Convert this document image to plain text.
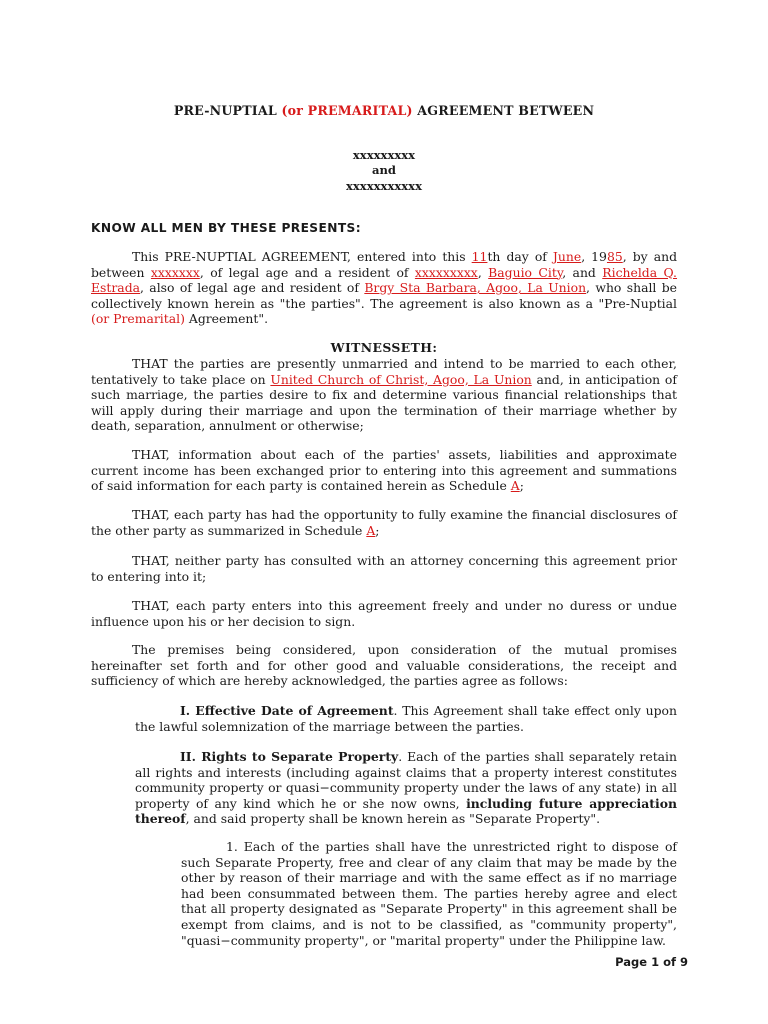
PRE-NUPTIAL (or PREMARITAL) AGREEMENT BETWEEN
xxxxxxxxx
and
xxxxxxxxxxx
KNOW ALL MEN BY THESE PRESENTS:
This PRE-NUPTIAL AGREEMENT, entered into this 11th day of June, 1985, by and between xxxxxxx, of legal age and a resident of xxxxxxxxx, Baguio City, and Richelda Q. Estrada, also of legal age and resident of Brgy Sta Barbara, Agoo, La Union, who shall be collectively known herein as "the parties". The agreement is also known as a "Pre-Nuptial (or Premarital) Agreement".
WITNESSETH:
THAT the parties are presently unmarried and intend to be married to each other, tentatively to take place on United Church of Christ, Agoo, La Union and, in anticipation of such marriage, the parties desire to fix and determine various financial relationships that will apply during their marriage and upon the termination of their marriage whether by death, separation, annulment or otherwise;
THAT, information about each of the parties' assets, liabilities and approximate current income has been exchanged prior to entering into this agreement and summations of said information for each party is contained herein as Schedule A;
THAT, each party has had the opportunity to fully examine the financial disclosures of the other party as summarized in Schedule A;
THAT, neither party has consulted with an attorney concerning this agreement prior to entering into it;
THAT, each party enters into this agreement freely and under no duress or undue influence upon his or her decision to sign.
The premises being considered, upon consideration of the mutual promises hereinafter set forth and for other good and valuable considerations, the receipt and sufficiency of which are hereby acknowledged, the parties agree as follows:
I. Effective Date of Agreement. This Agreement shall take effect only upon the lawful solemnization of the marriage between the parties.
II. Rights to Separate Property. Each of the parties shall separately retain all rights and interests (including against claims that a property interest constitutes community property or quasi−community property under the laws of any state) in all property of any kind which he or she now owns, including future appreciation thereof, and said property shall be known herein as "Separate Property".
1. Each of the parties shall have the unrestricted right to dispose of such Separate Property, free and clear of any claim that may be made by the other by reason of their marriage and with the same effect as if no marriage had been consummated between them. The parties hereby agree and elect that all property designated as "Separate Property" in this agreement shall be exempt from claims, and is not to be classified, as "community property", "quasi−community property", or "marital property" under the Philippine law.
Page 1 of 9
